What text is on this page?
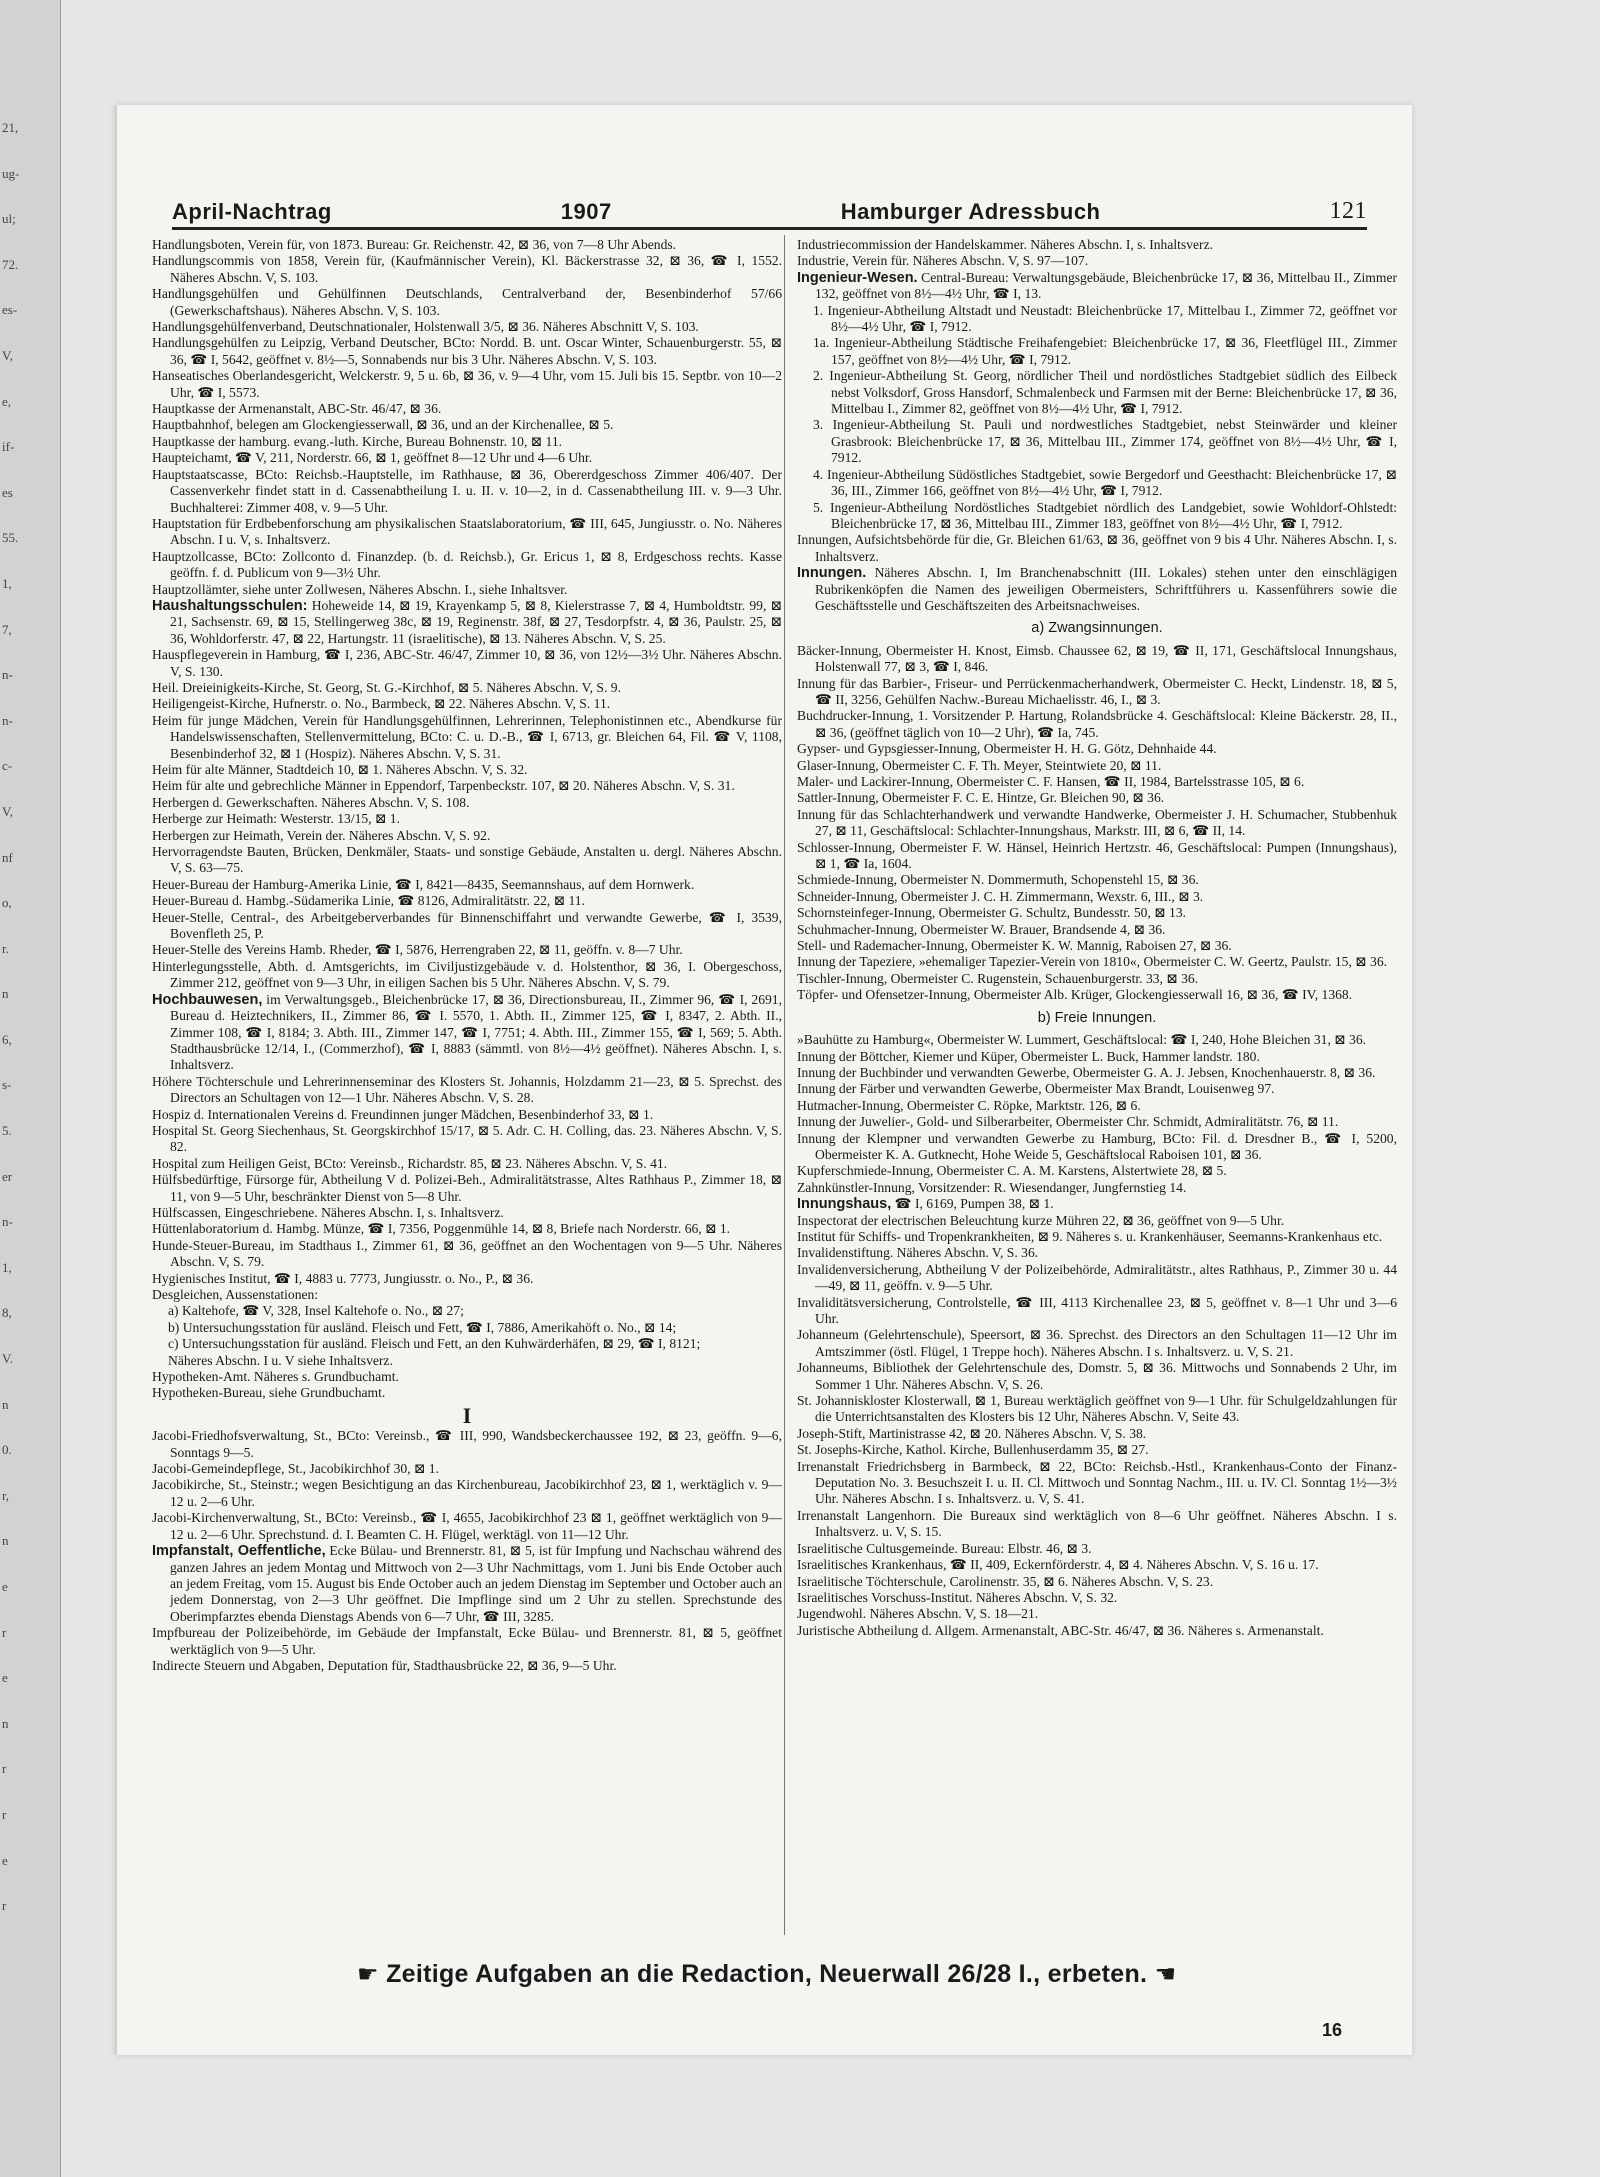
21,
ug-
ul;
72.
es-
V,
e,
if-
es
55.
1,
7,
n-
n-
c-
V,
nf
o,
r.
n
6,
s-
5.
er
n-
1,
8,
V.
n
0.
r,
n
e
r
e
n
r
r
e
r
April-Nachtrag	1907	Hamburger Adressbuch	121

Handlungsboten, Verein für, von 1873. Bureau: Gr. Reichenstr. 42, ⊠ 36, von 7—8 Uhr Abends.

Handlungscommis von 1858, Verein für, (Kaufmännischer Verein), Kl. Bäckerstrasse 32, ⊠ 36, ☎ I, 1552. Näheres Abschn. V, S. 103.

Handlungsgehülfen und Gehülfinnen Deutschlands, Centralverband der, Besenbinderhof 57/66 (Gewerkschaftshaus). Näheres Abschn. V, S. 103.

Handlungsgehülfenverband, Deutschnationaler, Holstenwall 3/5, ⊠ 36. Näheres Abschnitt V, S. 103.

Handlungsgehülfen zu Leipzig, Verband Deutscher, BCto: Nordd. B. unt. Oscar Winter, Schauenburgerstr. 55, ⊠ 36, ☎ I, 5642, geöffnet v. 8½—5, Sonnabends nur bis 3 Uhr. Näheres Abschn. V, S. 103.

Hanseatisches Oberlandesgericht, Welckerstr. 9, 5 u. 6b, ⊠ 36, v. 9—4 Uhr, vom 15. Juli bis 15. Septbr. von 10—2 Uhr, ☎ I, 5573.

Hauptkasse der Armenanstalt, ABC-Str. 46/47, ⊠ 36.

Hauptbahnhof, belegen am Glockengiesserwall, ⊠ 36, und an der Kirchenallee, ⊠ 5.

Hauptkasse der hamburg. evang.-luth. Kirche, Bureau Bohnenstr. 10, ⊠ 11.

Haupteichamt, ☎ V, 211, Norderstr. 66, ⊠ 1, geöffnet 8—12 Uhr und 4—6 Uhr.

Hauptstaatscasse, BCto: Reichsb.-Hauptstelle, im Rathhause, ⊠ 36, Obererdgeschoss Zimmer 406/407. Der Cassenverkehr findet statt in d. Cassenabtheilung I. u. II. v. 10—2, in d. Cassenabtheilung III. v. 9—3 Uhr. Buchhalterei: Zimmer 408, v. 9—5 Uhr.

Hauptstation für Erdbebenforschung am physikalischen Staatslaboratorium, ☎ III, 645, Jungiusstr. o. No. Näheres Abschn. I u. V, s. Inhaltsverz.

Hauptzollcasse, BCto: Zollconto d. Finanzdep. (b. d. Reichsb.), Gr. Ericus 1, ⊠ 8, Erdgeschoss rechts. Kasse geöffn. f. d. Publicum von 9—3½ Uhr.

Hauptzollämter, siehe unter Zollwesen, Näheres Abschn. I., siehe Inhaltsver.

Haushaltungsschulen: Hoheweide 14, ⊠ 19, Krayenkamp 5, ⊠ 8, Kielerstrasse 7, ⊠ 4, Humboldtstr. 99, ⊠ 21, Sachsenstr. 69, ⊠ 15, Stellingerweg 38c, ⊠ 19, Reginenstr. 38f, ⊠ 27, Tesdorpfstr. 4, ⊠ 36, Paulstr. 25, ⊠ 36, Wohldorferstr. 47, ⊠ 22, Hartungstr. 11 (israelitische), ⊠ 13. Näheres Abschn. V, S. 25.

Hauspflegeverein in Hamburg, ☎ I, 236, ABC-Str. 46/47, Zimmer 10, ⊠ 36, von 12½—3½ Uhr. Näheres Abschn. V, S. 130.

Heil. Dreieinigkeits-Kirche, St. Georg, St. G.-Kirchhof, ⊠ 5. Näheres Abschn. V, S. 9.

Heiligengeist-Kirche, Hufnerstr. o. No., Barmbeck, ⊠ 22. Näheres Abschn. V, S. 11.

Heim für junge Mädchen, Verein für Handlungsgehülfinnen, Lehrerinnen, Telephonistinnen etc., Abendkurse für Handelswissenschaften, Stellenvermittelung, BCto: C. u. D.-B., ☎ I, 6713, gr. Bleichen 64, Fil. ☎ V, 1108, Besenbinderhof 32, ⊠ 1 (Hospiz). Näheres Abschn. V, S. 31.

Heim für alte Männer, Stadtdeich 10, ⊠ 1. Näheres Abschn. V, S. 32.

Heim für alte und gebrechliche Männer in Eppendorf, Tarpenbeckstr. 107, ⊠ 20. Näheres Abschn. V, S. 31.

Herbergen d. Gewerkschaften. Näheres Abschn. V, S. 108.

Herberge zur Heimath: Westerstr. 13/15, ⊠ 1.

Herbergen zur Heimath, Verein der. Näheres Abschn. V, S. 92.

Hervorragendste Bauten, Brücken, Denkmäler, Staats- und sonstige Gebäude, Anstalten u. dergl. Näheres Abschn. V, S. 63—75.

Heuer-Bureau der Hamburg-Amerika Linie, ☎ I, 8421—8435, Seemannshaus, auf dem Hornwerk.

Heuer-Bureau d. Hambg.-Südamerika Linie, ☎ 8126, Admiralitätstr. 22, ⊠ 11.

Heuer-Stelle, Central-, des Arbeitgeberverbandes für Binnenschiffahrt und verwandte Gewerbe, ☎ I, 3539, Bovenfleth 25, P.

Heuer-Stelle des Vereins Hamb. Rheder, ☎ I, 5876, Herrengraben 22, ⊠ 11, geöffn. v. 8—7 Uhr.

Hinterlegungsstelle, Abth. d. Amtsgerichts, im Civiljustizgebäude v. d. Holstenthor, ⊠ 36, I. Obergeschoss, Zimmer 212, geöffnet von 9—3 Uhr, in eiligen Sachen bis 5 Uhr. Näheres Abschn. V, S. 79.

Hochbauwesen, im Verwaltungsgeb., Bleichenbrücke 17, ⊠ 36, Directionsbureau, II., Zimmer 96, ☎ I, 2691, Bureau d. Heiztechnikers, II., Zimmer 86, ☎ I. 5570, 1. Abth. II., Zimmer 125, ☎ I, 8347, 2. Abth. II., Zimmer 108, ☎ I, 8184; 3. Abth. III., Zimmer 147, ☎ I, 7751; 4. Abth. III., Zimmer 155, ☎ I, 569; 5. Abth. Stadthausbrücke 12/14, I., (Commerzhof), ☎ I, 8883 (sämmtl. von 8½—4½ geöffnet). Näheres Abschn. I, s. Inhaltsverz.

Höhere Töchterschule und Lehrerinnenseminar des Klosters St. Johannis, Holzdamm 21—23, ⊠ 5. Sprechst. des Directors an Schultagen von 12—1 Uhr. Näheres Abschn. V, S. 28.

Hospiz d. Internationalen Vereins d. Freundinnen junger Mädchen, Besenbinderhof 33, ⊠ 1.

Hospital St. Georg Siechenhaus, St. Georgskirchhof 15/17, ⊠ 5. Adr. C. H. Colling, das. 23. Näheres Abschn. V, S. 82.

Hospital zum Heiligen Geist, BCto: Vereinsb., Richardstr. 85, ⊠ 23. Näheres Abschn. V, S. 41.

Hülfsbedürftige, Fürsorge für, Abtheilung V d. Polizei-Beh., Admiralitätstrasse, Altes Rathhaus P., Zimmer 18, ⊠ 11, von 9—5 Uhr, beschränkter Dienst von 5—8 Uhr.

Hülfscassen, Eingeschriebene. Näheres Abschn. I, s. Inhaltsverz.

Hüttenlaboratorium d. Hambg. Münze, ☎ I, 7356, Poggenmühle 14, ⊠ 8, Briefe nach Norderstr. 66, ⊠ 1.

Hunde-Steuer-Bureau, im Stadthaus I., Zimmer 61, ⊠ 36, geöffnet an den Wochentagen von 9—5 Uhr. Näheres Abschn. V, S. 79.

Hygienisches Institut, ☎ I, 4883 u. 7773, Jungiusstr. o. No., P., ⊠ 36.

Desgleichen, Aussenstationen:

a) Kaltehofe, ☎ V, 328, Insel Kaltehofe o. No., ⊠ 27;

b) Untersuchungsstation für ausländ. Fleisch und Fett, ☎ I, 7886, Amerikahöft o. No., ⊠ 14;

c) Untersuchungsstation für ausländ. Fleisch und Fett, an den Kuhwärderhäfen, ⊠ 29, ☎ I, 8121;

Näheres Abschn. I u. V siehe Inhaltsverz.

Hypotheken-Amt. Näheres s. Grundbuchamt.

Hypotheken-Bureau, siehe Grundbuchamt.

I

Jacobi-Friedhofsverwaltung, St., BCto: Vereinsb., ☎ III, 990, Wandsbeckerchaussee 192, ⊠ 23, geöffn. 9—6, Sonntags 9—5.

Jacobi-Gemeindepflege, St., Jacobikirchhof 30, ⊠ 1.

Jacobikirche, St., Steinstr.; wegen Besichtigung an das Kirchenbureau, Jacobikirchhof 23, ⊠ 1, werktäglich v. 9—12 u. 2—6 Uhr.

Jacobi-Kirchenverwaltung, St., BCto: Vereinsb., ☎ I, 4655, Jacobikirchhof 23 ⊠ 1, geöffnet werktäglich von 9—12 u. 2—6 Uhr. Sprechstund. d. I. Beamten C. H. Flügel, werktägl. von 11—12 Uhr.

Impfanstalt, Oeffentliche, Ecke Bülau- und Brennerstr. 81, ⊠ 5, ist für Impfung und Nachschau während des ganzen Jahres an jedem Montag und Mittwoch von 2—3 Uhr Nachmittags, vom 1. Juni bis Ende October auch an jedem Freitag, vom 15. August bis Ende October auch an jedem Dienstag im September und October auch an jedem Donnerstag, von 2—3 Uhr geöffnet. Die Impflinge sind um 2 Uhr zu stellen. Sprechstunde des Oberimpfarztes ebenda Dienstags Abends von 6—7 Uhr, ☎ III, 3285.

Impfbureau der Polizeibehörde, im Gebäude der Impfanstalt, Ecke Bülau- und Brennerstr. 81, ⊠ 5, geöffnet werktäglich von 9—5 Uhr.

Indirecte Steuern und Abgaben, Deputation für, Stadthausbrücke 22, ⊠ 36, 9—5 Uhr.

Industriecommission der Handelskammer. Näheres Abschn. I, s. Inhaltsverz.

Industrie, Verein für. Näheres Abschn. V, S. 97—107.

Ingenieur-Wesen. Central-Bureau: Verwaltungsgebäude, Bleichenbrücke 17, ⊠ 36, Mittelbau II., Zimmer 132, geöffnet von 8½—4½ Uhr, ☎ I, 13.

1. Ingenieur-Abtheilung Altstadt und Neustadt: Bleichenbrücke 17, Mittelbau I., Zimmer 72, geöffnet vor 8½—4½ Uhr, ☎ I, 7912.

1a. Ingenieur-Abtheilung Städtische Freihafengebiet: Bleichenbrücke 17, ⊠ 36, Fleetflügel III., Zimmer 157, geöffnet von 8½—4½ Uhr, ☎ I, 7912.

2. Ingenieur-Abtheilung St. Georg, nördlicher Theil und nordöstliches Stadtgebiet südlich des Eilbeck nebst Volksdorf, Gross Hansdorf, Schmalenbeck und Farmsen mit der Berne: Bleichenbrücke 17, ⊠ 36, Mittelbau I., Zimmer 82, geöffnet von 8½—4½ Uhr, ☎ I, 7912.

3. Ingenieur-Abtheilung St. Pauli und nordwestliches Stadtgebiet, nebst Steinwärder und kleiner Grasbrook: Bleichenbrücke 17, ⊠ 36, Mittelbau III., Zimmer 174, geöffnet von 8½—4½ Uhr, ☎ I, 7912.

4. Ingenieur-Abtheilung Südöstliches Stadtgebiet, sowie Bergedorf und Geesthacht: Bleichenbrücke 17, ⊠ 36, III., Zimmer 166, geöffnet von 8½—4½ Uhr, ☎ I, 7912.

5. Ingenieur-Abtheilung Nordöstliches Stadtgebiet nördlich des Landgebiet, sowie Wohldorf-Ohlstedt: Bleichenbrücke 17, ⊠ 36, Mittelbau III., Zimmer 183, geöffnet von 8½—4½ Uhr, ☎ I, 7912.

Innungen, Aufsichtsbehörde für die, Gr. Bleichen 61/63, ⊠ 36, geöffnet von 9 bis 4 Uhr. Näheres Abschn. I, s. Inhaltsverz.

Innungen. Näheres Abschn. I, Im Branchenabschnitt (III. Lokales) stehen unter den einschlägigen Rubrikenköpfen die Namen des jeweiligen Obermeisters, Schriftführers u. Kassenführers sowie die Geschäftsstelle und Geschäftszeiten des Arbeitsnachweises.

a) Zwangsinnungen.

Bäcker-Innung, Obermeister H. Knost, Eimsb. Chaussee 62, ⊠ 19, ☎ II, 171, Geschäftslocal Innungshaus, Holstenwall 77, ⊠ 3, ☎ I, 846.

Innung für das Barbier-, Friseur- und Perrückenmacherhandwerk, Obermeister C. Heckt, Lindenstr. 18, ⊠ 5, ☎ II, 3256, Gehülfen Nachw.-Bureau Michaelisstr. 46, I., ⊠ 3.

Buchdrucker-Innung, 1. Vorsitzender P. Hartung, Rolandsbrücke 4. Geschäftslocal: Kleine Bäckerstr. 28, II., ⊠ 36, (geöffnet täglich von 10—2 Uhr), ☎ Ia, 745.

Gypser- und Gypsgiesser-Innung, Obermeister H. H. G. Götz, Dehnhaide 44.

Glaser-Innung, Obermeister C. F. Th. Meyer, Steintwiete 20, ⊠ 11.

Maler- und Lackirer-Innung, Obermeister C. F. Hansen, ☎ II, 1984, Bartelsstrasse 105, ⊠ 6.

Sattler-Innung, Obermeister F. C. E. Hintze, Gr. Bleichen 90, ⊠ 36.

Innung für das Schlachterhandwerk und verwandte Handwerke, Obermeister J. H. Schumacher, Stubbenhuk 27, ⊠ 11, Geschäftslocal: Schlachter-Innungshaus, Markstr. III, ⊠ 6, ☎ II, 14.

Schlosser-Innung, Obermeister F. W. Hänsel, Heinrich Hertzstr. 46, Geschäftslocal: Pumpen (Innungshaus), ⊠ 1, ☎ Ia, 1604.

Schmiede-Innung, Obermeister N. Dommermuth, Schopenstehl 15, ⊠ 36.

Schneider-Innung, Obermeister J. C. H. Zimmermann, Wexstr. 6, III., ⊠ 3.

Schornsteinfeger-Innung, Obermeister G. Schultz, Bundesstr. 50, ⊠ 13.

Schuhmacher-Innung, Obermeister W. Brauer, Brandsende 4, ⊠ 36.

Stell- und Rademacher-Innung, Obermeister K. W. Mannig, Raboisen 27, ⊠ 36.

Innung der Tapeziere, »ehemaliger Tapezier-Verein von 1810«, Obermeister C. W. Geertz, Paulstr. 15, ⊠ 36.

Tischler-Innung, Obermeister C. Rugenstein, Schauenburgerstr. 33, ⊠ 36.

Töpfer- und Ofensetzer-Innung, Obermeister Alb. Krüger, Glockengiesserwall 16, ⊠ 36, ☎ IV, 1368.

b) Freie Innungen.

»Bauhütte zu Hamburg«, Obermeister W. Lummert, Geschäftslocal: ☎ I, 240, Hohe Bleichen 31, ⊠ 36.

Innung der Böttcher, Kiemer und Küper, Obermeister L. Buck, Hammer landstr. 180.

Innung der Buchbinder und verwandten Gewerbe, Obermeister G. A. J. Jebsen, Knochenhauerstr. 8, ⊠ 36.

Innung der Färber und verwandten Gewerbe, Obermeister Max Brandt, Louisenweg 97.

Hutmacher-Innung, Obermeister C. Röpke, Marktstr. 126, ⊠ 6.

Innung der Juwelier-, Gold- und Silberarbeiter, Obermeister Chr. Schmidt, Admiralitätstr. 76, ⊠ 11.

Innung der Klempner und verwandten Gewerbe zu Hamburg, BCto: Fil. d. Dresdner B., ☎ I, 5200, Obermeister K. A. Gutknecht, Hohe Weide 5, Geschäftslocal Raboisen 101, ⊠ 36.

Kupferschmiede-Innung, Obermeister C. A. M. Karstens, Alstertwiete 28, ⊠ 5.

Zahnkünstler-Innung, Vorsitzender: R. Wiesendanger, Jungfernstieg 14.

Innungshaus, ☎ I, 6169, Pumpen 38, ⊠ 1.

Inspectorat der electrischen Beleuchtung kurze Mühren 22, ⊠ 36, geöffnet von 9—5 Uhr.

Institut für Schiffs- und Tropenkrankheiten, ⊠ 9. Näheres s. u. Krankenhäuser, Seemanns-Krankenhaus etc.

Invalidenstiftung. Näheres Abschn. V, S. 36.

Invalidenversicherung, Abtheilung V der Polizeibehörde, Admiralitätstr., altes Rathhaus, P., Zimmer 30 u. 44—49, ⊠ 11, geöffn. v. 9—5 Uhr.

Invaliditätsversicherung, Controlstelle, ☎ III, 4113 Kirchenallee 23, ⊠ 5, geöffnet v. 8—1 Uhr und 3—6 Uhr.

Johanneum (Gelehrtenschule), Speersort, ⊠ 36. Sprechst. des Directors an den Schultagen 11—12 Uhr im Amtszimmer (östl. Flügel, 1 Treppe hoch). Näheres Abschn. I s. Inhaltsverz. u. V, S. 21.

Johanneums, Bibliothek der Gelehrtenschule des, Domstr. 5, ⊠ 36. Mittwochs und Sonnabends 2 Uhr, im Sommer 1 Uhr. Näheres Abschn. V, S. 26.

St. Johanniskloster Klosterwall, ⊠ 1, Bureau werktäglich geöffnet von 9—1 Uhr. für Schulgeldzahlungen für die Unterrichtsanstalten des Klosters bis 12 Uhr, Näheres Abschn. V, Seite 43.

Joseph-Stift, Martinistrasse 42, ⊠ 20. Näheres Abschn. V, S. 38.

St. Josephs-Kirche, Kathol. Kirche, Bullenhuserdamm 35, ⊠ 27.

Irrenanstalt Friedrichsberg in Barmbeck, ⊠ 22, BCto: Reichsb.-Hstl., Krankenhaus-Conto der Finanz-Deputation No. 3. Besuchszeit I. u. II. Cl. Mittwoch und Sonntag Nachm., III. u. IV. Cl. Sonntag 1½—3½ Uhr. Näheres Abschn. I s. Inhaltsverz. u. V, S. 41.

Irrenanstalt Langenhorn. Die Bureaux sind werktäglich von 8—6 Uhr geöffnet. Näheres Abschn. I s. Inhaltsverz. u. V, S. 15.

Israelitische Cultusgemeinde. Bureau: Elbstr. 46, ⊠ 3.

Israelitisches Krankenhaus, ☎ II, 409, Eckernförderstr. 4, ⊠ 4. Näheres Abschn. V, S. 16 u. 17.

Israelitische Töchterschule, Carolinenstr. 35, ⊠ 6. Näheres Abschn. V, S. 23.

Israelitisches Vorschuss-Institut. Näheres Abschn. V, S. 32.

Jugendwohl. Näheres Abschn. V, S. 18—21.

Juristische Abtheilung d. Allgem. Armenanstalt, ABC-Str. 46/47, ⊠ 36. Näheres s. Armenanstalt.

☛ Zeitige Aufgaben an die Redaction, Neuerwall 26/28 I., erbeten. ☚
16
